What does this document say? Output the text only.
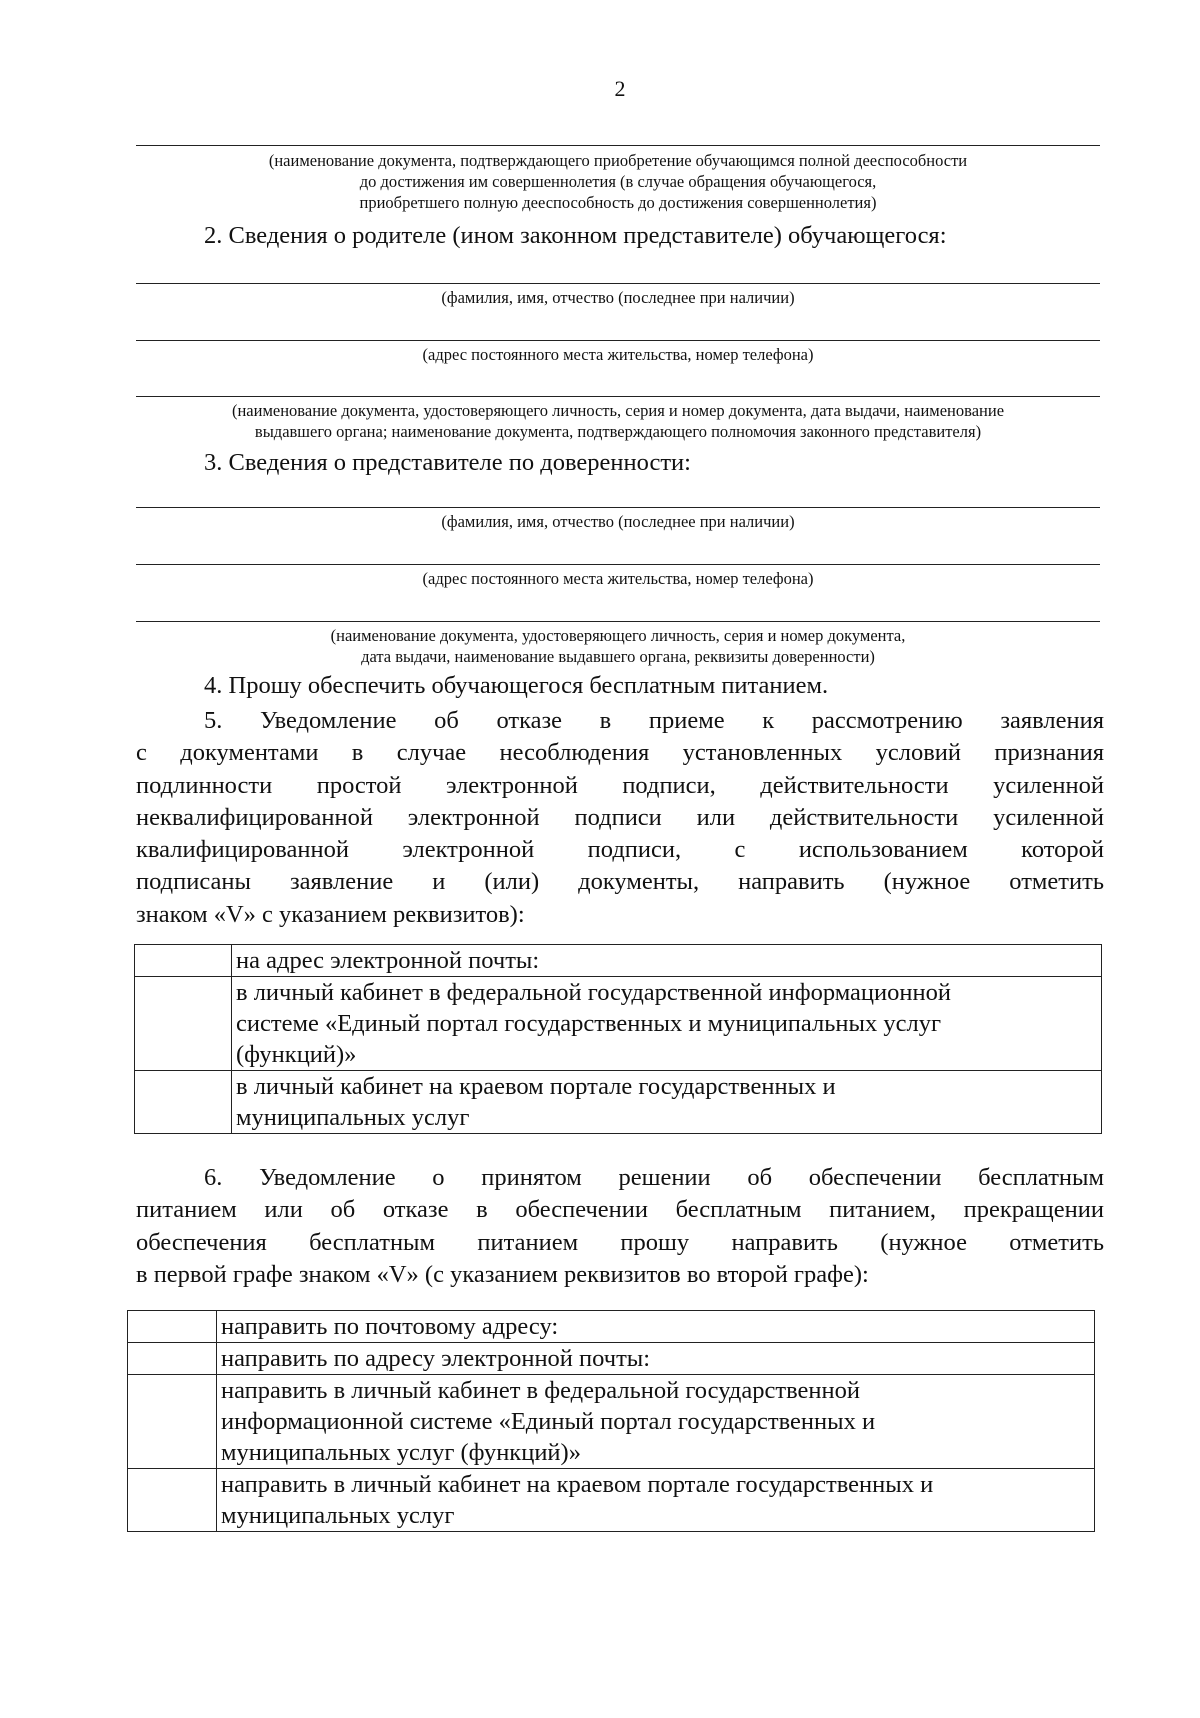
2
(наименование документа, подтверждающего приобретение обучающимся полной дееспособности
до достижения им совершеннолетия (в случае обращения обучающегося,
приобретшего полную дееспособность до достижения совершеннолетия)
2. Сведения о родителе (ином законном представителе) обучающегося:
(фамилия, имя, отчество (последнее при наличии)
(адрес постоянного места жительства, номер телефона)
(наименование документа, удостоверяющего личность, серия и номер документа, дата выдачи, наименование
выдавшего органа; наименование документа, подтверждающего полномочия законного представителя)
3. Сведения о представителе по доверенности:
(фамилия, имя, отчество (последнее при наличии)
(адрес постоянного места жительства, номер телефона)
(наименование документа, удостоверяющего личность, серия и номер документа,
дата выдачи, наименование выдавшего органа, реквизиты доверенности)
4. Прошу обеспечить обучающегося бесплатным питанием.
5. Уведомление об отказе в приеме к рассмотрению заявления
с документами в случае несоблюдения установленных условий признания
подлинности простой электронной подписи, действительности усиленной
неквалифицированной электронной подписи или действительности усиленной
квалифицированной электронной подписи, с использованием которой
подписаны заявление и (или) документы, направить (нужное отметить
знаком «V» с указанием реквизитов):

	на адрес электронной почты:

	в личный кабинет в федеральной государственной информационной
системе «Единый портал государственных и муниципальных услуг
(функций)»

	в личный кабинет на краевом портале государственных и
муниципальных услуг
6. Уведомление о принятом решении об обеспечении бесплатным
питанием или об отказе в обеспечении бесплатным питанием, прекращении
обеспечения бесплатным питанием прошу направить (нужное отметить
в первой графе знаком «V» (с указанием реквизитов во второй графе):

	направить по почтовому адресу:

	направить по адресу электронной почты:

	направить в личный кабинет в федеральной государственной
информационной системе «Единый портал государственных и
муниципальных услуг (функций)»

	направить в личный кабинет на краевом портале государственных и
муниципальных услуг
